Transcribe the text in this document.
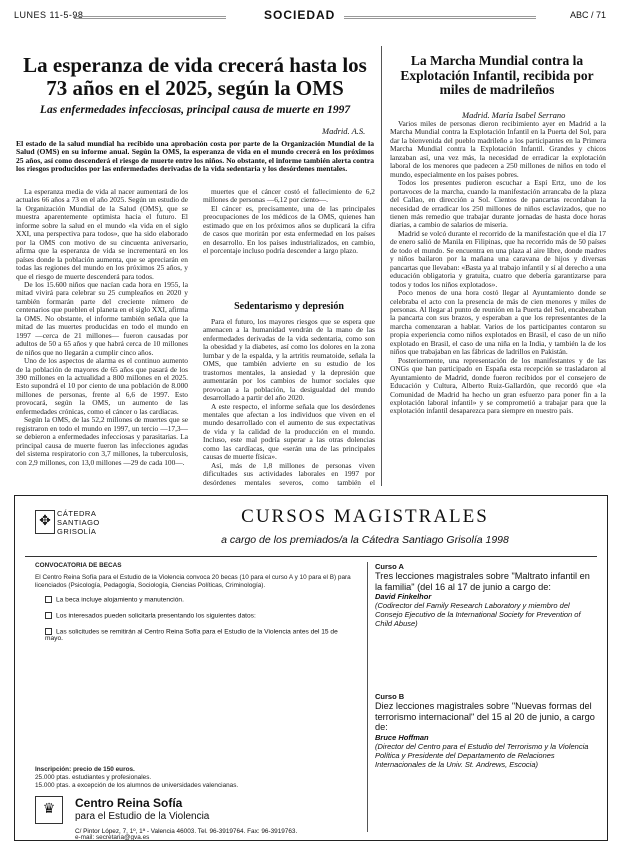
LUNES 11-5-98	SOCIEDAD	ABC / 71
La esperanza de vida crecerá hasta los 73 años en el 2025, según la OMS
Las enfermedades infecciosas, principal causa de muerte en 1997
Madrid. A.S.
El estado de la salud mundial ha recibido una aprobación costa por parte de la Organización Mundial de la Salud (OMS) en su informe anual. Según la OMS, la esperanza de vida en el mundo crecerá en los próximos 25 años, así como descenderá el riesgo de muerte entre los niños. No obstante, el informe también alerta contra los riesgos producidos por las enfermedades derivadas de la vida sedentaria y los desórdenes mentales.

La esperanza media de vida al nacer aumentará de los actuales 66 años a 73 en el año 2025. Según un estudio de la Organización Mundial de la Salud (OMS), que se muestra aparentemente optimista hacia el futuro. El informe sobre la salud en el mundo «la vida en el siglo XXI, una perspectiva para todos», que ha sido elaborado por la OMS con motivo de su cincuenta aniversario, afirma que la esperanza de vida se incrementará en los países donde la población aumenta, que se apreciarán en todas las regiones del mundo en los próximos 25 años, y que el riesgo de muerte descenderá para todos.

De los 15.600 niños que nacían cada hora en 1955, la mitad vivirá para celebrar su 25 cumpleaños en 2020 y también formarán parte del creciente número de centenarios que pueblen el planeta en el siglo XXI, afirma la OMS. No obstante, el informe también señala que la mitad de las muertes producidas en todo el mundo en 1997 —cerca de 21 millones— fueron causadas por adultos de 50 a 65 años y que habrá cerca de 10 millones de niños que no llegarán a cumplir cinco años.

Uno de los aspectos de alarma es el continuo aumento de la población de mayores de 65 años que pasará de los 390 millones en la actualidad a 800 millones en el 2025. Esto supondrá el 10 por ciento de una población de 8.000 millones de personas, frente al 6,6 de 1997. Esto provocará, según la OMS, un aumento de las enfermedades crónicas, como el cáncer o las cardíacas.

Según la OMS, de las 52,2 millones de muertes que se registraron en todo el mundo en 1997, un tercio —17,3— se debieron a enfermedades infecciosas y parasitarias. La principal causa de muerte fueron las infecciones agudas del sistema respiratorio con 3,7 millones, la tuberculosis, con 2,9 millones, con 13,0 millones —29 de cada 100—.

muertes que el cáncer costó el fallecimiento de 6,2 millones de personas —6,12 por ciento—.

El cáncer es, precisamente, una de las principales preocupaciones de los médicos de la OMS, quienes han estimado que en los próximos años se duplicará la cifra de casos que morirán por esta enfermedad en los países en desarrollo. En los países industrializados, en cambio, el porcentaje incluso podría descender a largo plazo.

Sedentarismo y depresión

Para el futuro, los mayores riesgos que se espera que amenacen a la humanidad vendrán de la mano de las enfermedades derivadas de la vida sedentaria, como son la obesidad y la diabetes, así como los dolores en la zona lumbar y de la espalda, y la artritis reumatoide, señala la OMS, que también advierte en su estudio de los trastornos mentales, la ansiedad y la depresión que aumentarán por los cambios de humor sociales que provocan a la población, la desigualdad del mundo desarrollado a partir del año 2020.

A este respecto, el informe señala que los desórdenes mentales que afectan a los individuos que viven en el mundo desarrollado con el aumento de sus expectativas de vida y la calidad de la producción en el mundo. Incluso, este mal podría superar a las otras dolencias como las cardíacas, que «serán una de las principales causas de muerte física».

Así, más de 1,8 millones de personas viven dificultades sus actividades laborales en 1997 por desórdenes mentales severos, como también el

La Marcha Mundial contra la Explotación Infantil, recibida por miles de madrileños
Madrid. María Isabel Serrano

Varios miles de personas dieron recibimiento ayer en Madrid a la Marcha Mundial contra la Explotación Infantil en la Puerta del Sol, para dar la bienvenida del pueblo madrileño a los participantes en la Primera Marcha Mundial contra la Explotación Infantil. Grandes y chicos lanzaban así, una vez más, la necesidad de erradicar la explotación laboral de los menores que padecen a 250 millones de niños en todo el mundo, especialmente en los países pobres.

Todos los presentes pudieron escuchar a Espí Ertz, uno de los portavoces de la marcha, cuando la manifestación arrancaba de la plaza del Callao, en dirección a Sol. Cientos de pancartas recordaban la necesidad de erradicar los 250 millones de niños esclavizados, que no tienen más remedio que trabajar durante jornadas de hasta doce horas diarias, a cambio de salarios de miseria.

Madrid se volcó durante el recorrido de la manifestación que el día 17 de enero salió de Manila en Filipinas, que ha recorrido más de 50 países de todo el mundo. Se encuentra en una plaza al aire libre, donde madres y niños bailaron por la mañana una caravana de hijos y diversas pancartas que llevaban: «Basta ya al trabajo infantil y sí al derecho a una educación obligatoria y gratuita, cuatro que debería garantizarse para todos y todos los niños explotados».

Poco menos de una hora costó llegar al Ayuntamiento donde se celebraba el acto con la presencia de más de cien menores y miles de personas. Al llegar al punto de reunión en la Puerta del Sol, encabezaban la pancarta con sus brazos, y esperaban a que los representantes de la marcha comenzaran a hablar. Varios de los participantes contaron su propia experiencia como niños explotados en Brasil, el caso de un niño explotado en Brasil, el caso de una niña en la India, y también la de los niños que trabajaban en las fábricas de ladrillos en Pakistán.

Posteriormente, una representación de los manifestantes y de las ONGs que han participado en España esta recepción se trasladaron al Ayuntamiento de Madrid, donde fueron recibidos por el consejero de Educación y Cultura, Alberto Ruiz-Gallardón, que recordó que «la Comunidad de Madrid ha hecho un gran esfuerzo para poner fin a la explotación laboral infantil» y se comprometió a trabajar para que la explotación infantil desaparezca para siempre en nuestro país.

✥
CÁTEDRA
SANTIAGO
GRISOLÍA
CURSOS MAGISTRALES
a cargo de los premiados/a la Cátedra Santiago Grisolía 1998
CONVOCATORIA DE BECAS
El Centro Reina Sofía para el Estudio de la Violencia convoca 20 becas (10 para el curso A y 10 para el B) para licenciados (Psicología, Pedagogía, Sociología, Ciencias Políticas, Criminología).
La beca incluye alojamiento y manutención.
Los interesados pueden solicitarla presentando los siguientes datos:
Las solicitudes se remitirán al Centro Reina Sofía para el Estudio de la Violencia antes del 15 de mayo.
Inscripción: precio de 150 euros.
25.000 ptas. estudiantes y profesionales.
15.000 ptas. a excepción de los alumnos de universidades valencianas.
♛	Centro Reina Sofía
para el Estudio de la Violencia
C/ Pintor López, 7, 1º, 1ª - Valencia 46003. Tel. 96-3919764. Fax: 96-3919763.
e-mail: secretaria@gva.es
Curso A
Tres lecciones magistrales sobre "Maltrato infantil en la familia" (del 16 al 17 de junio a cargo de:
David Finkelhor
(Codirector del Family Research Laboratory y miembro del Consejo Ejecutivo de la International Society for Prevention of Child Abuse)
Curso B
Diez lecciones magistrales sobre "Nuevas formas del terrorismo internacional" del 15 al 20 de junio, a cargo de:
Bruce Hoffman
(Director del Centro para el Estudio del Terrorismo y la Violencia Política y Presidente del Departamento de Relaciones Internacionales de la Univ. St. Andrews, Escocia)
